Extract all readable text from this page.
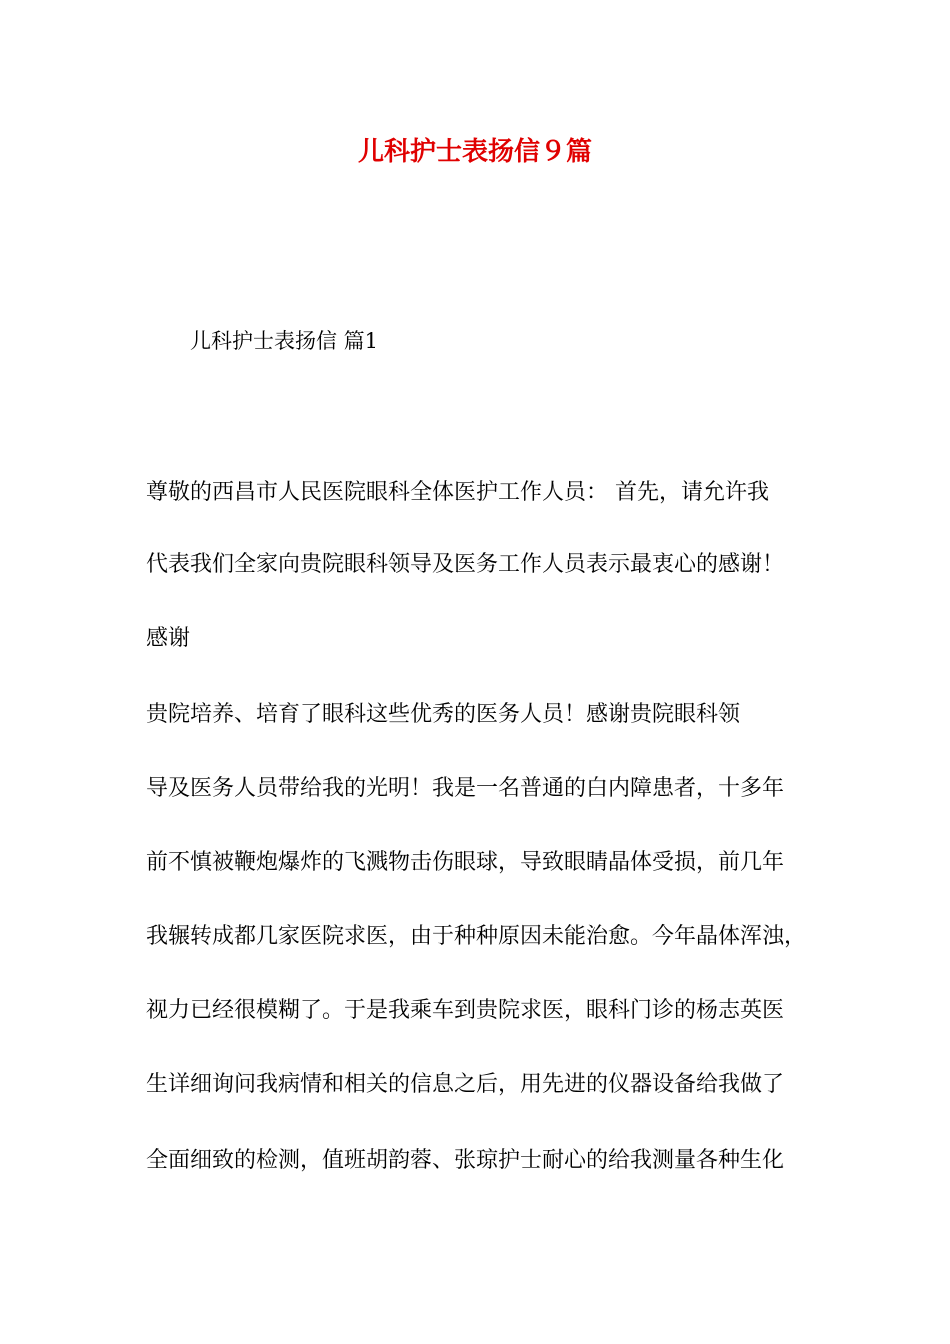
儿科护士表扬信９篇

儿科护士表扬信 篇1

尊敬的西昌市人民医院眼科全体医护工作人员： 首先，请允许我

代表我们全家向贵院眼科领导及医务工作人员表示最衷心的感谢！

感谢

贵院培养、培育了眼科这些优秀的医务人员！感谢贵院眼科领

导及医务人员带给我的光明！我是一名普通的白内障患者，十多年

前不慎被鞭炮爆炸的飞溅物击伤眼球，导致眼睛晶体受损，前几年

我辗转成都几家医院求医，由于种种原因未能治愈。今年晶体浑浊，

视力已经很模糊了。于是我乘车到贵院求医，眼科门诊的杨志英医

生详细询问我病情和相关的信息之后，用先进的仪器设备给我做了

全面细致的检测，值班胡韵蓉、张琼护士耐心的给我测量各种生化
